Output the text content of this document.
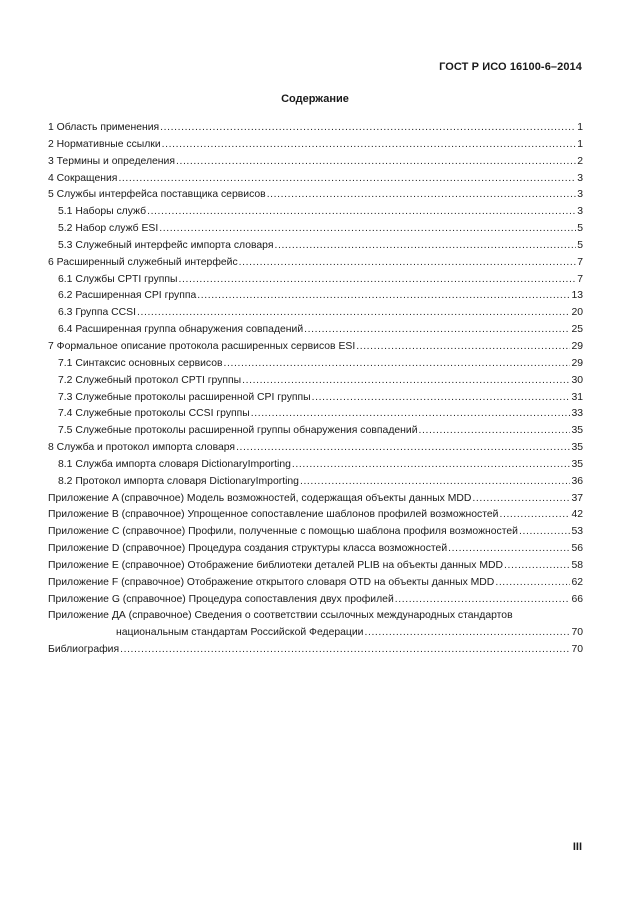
ГОСТ Р ИСО 16100-6–2014
Содержание
1 Область применения .....	1
2 Нормативные ссылки .....	1
3 Термины и определения .....	2
4 Сокращения .....	3
5 Службы интерфейса поставщика сервисов .....	3
5.1 Наборы служб .....	3
5.2 Набор служб ESI .....	5
5.3 Служебный интерфейс импорта словаря .....	5
6 Расширенный служебный интерфейс .....	7
6.1 Службы CPTI группы .....	7
6.2 Расширенная CPI группа .....	13
6.3 Группа CCSI .....	20
6.4 Расширенная группа обнаружения совпадений .....	25
7 Формальное описание протокола расширенных сервисов ESI .....	29
7.1 Синтаксис основных сервисов .....	29
7.2 Служебный протокол CPTI группы .....	30
7.3 Служебные протоколы расширенной CPI группы .....	31
7.4 Служебные протоколы CCSI группы .....	33
7.5 Служебные протоколы расширенной группы обнаружения совпадений .....	35
8 Служба и протокол импорта словаря .....	35
8.1 Служба импорта словаря DictionaryImporting .....	35
8.2 Протокол импорта словаря DictionaryImporting .....	36
Приложение A (справочное) Модель возможностей, содержащая объекты данных MDD .....	37
Приложение B (справочное) Упрощенное сопоставление шаблонов профилей возможностей .....	42
Приложение C (справочное) Профили, полученные с помощью шаблона профиля возможностей .....	53
Приложение D (справочное) Процедура создания структуры класса возможностей .....	56
Приложение E (справочное) Отображение библиотеки деталей PLIB на объекты данных MDD .....	58
Приложение F (справочное) Отображение открытого словаря OTD на объекты данных MDD .....	62
Приложение G (справочное) Процедура сопоставления двух профилей .....	66
Приложение ДА (справочное) Сведения о соответствии ссылочных международных стандартов
национальным стандартам Российской Федерации .....	70
Библиография .....	70
III
